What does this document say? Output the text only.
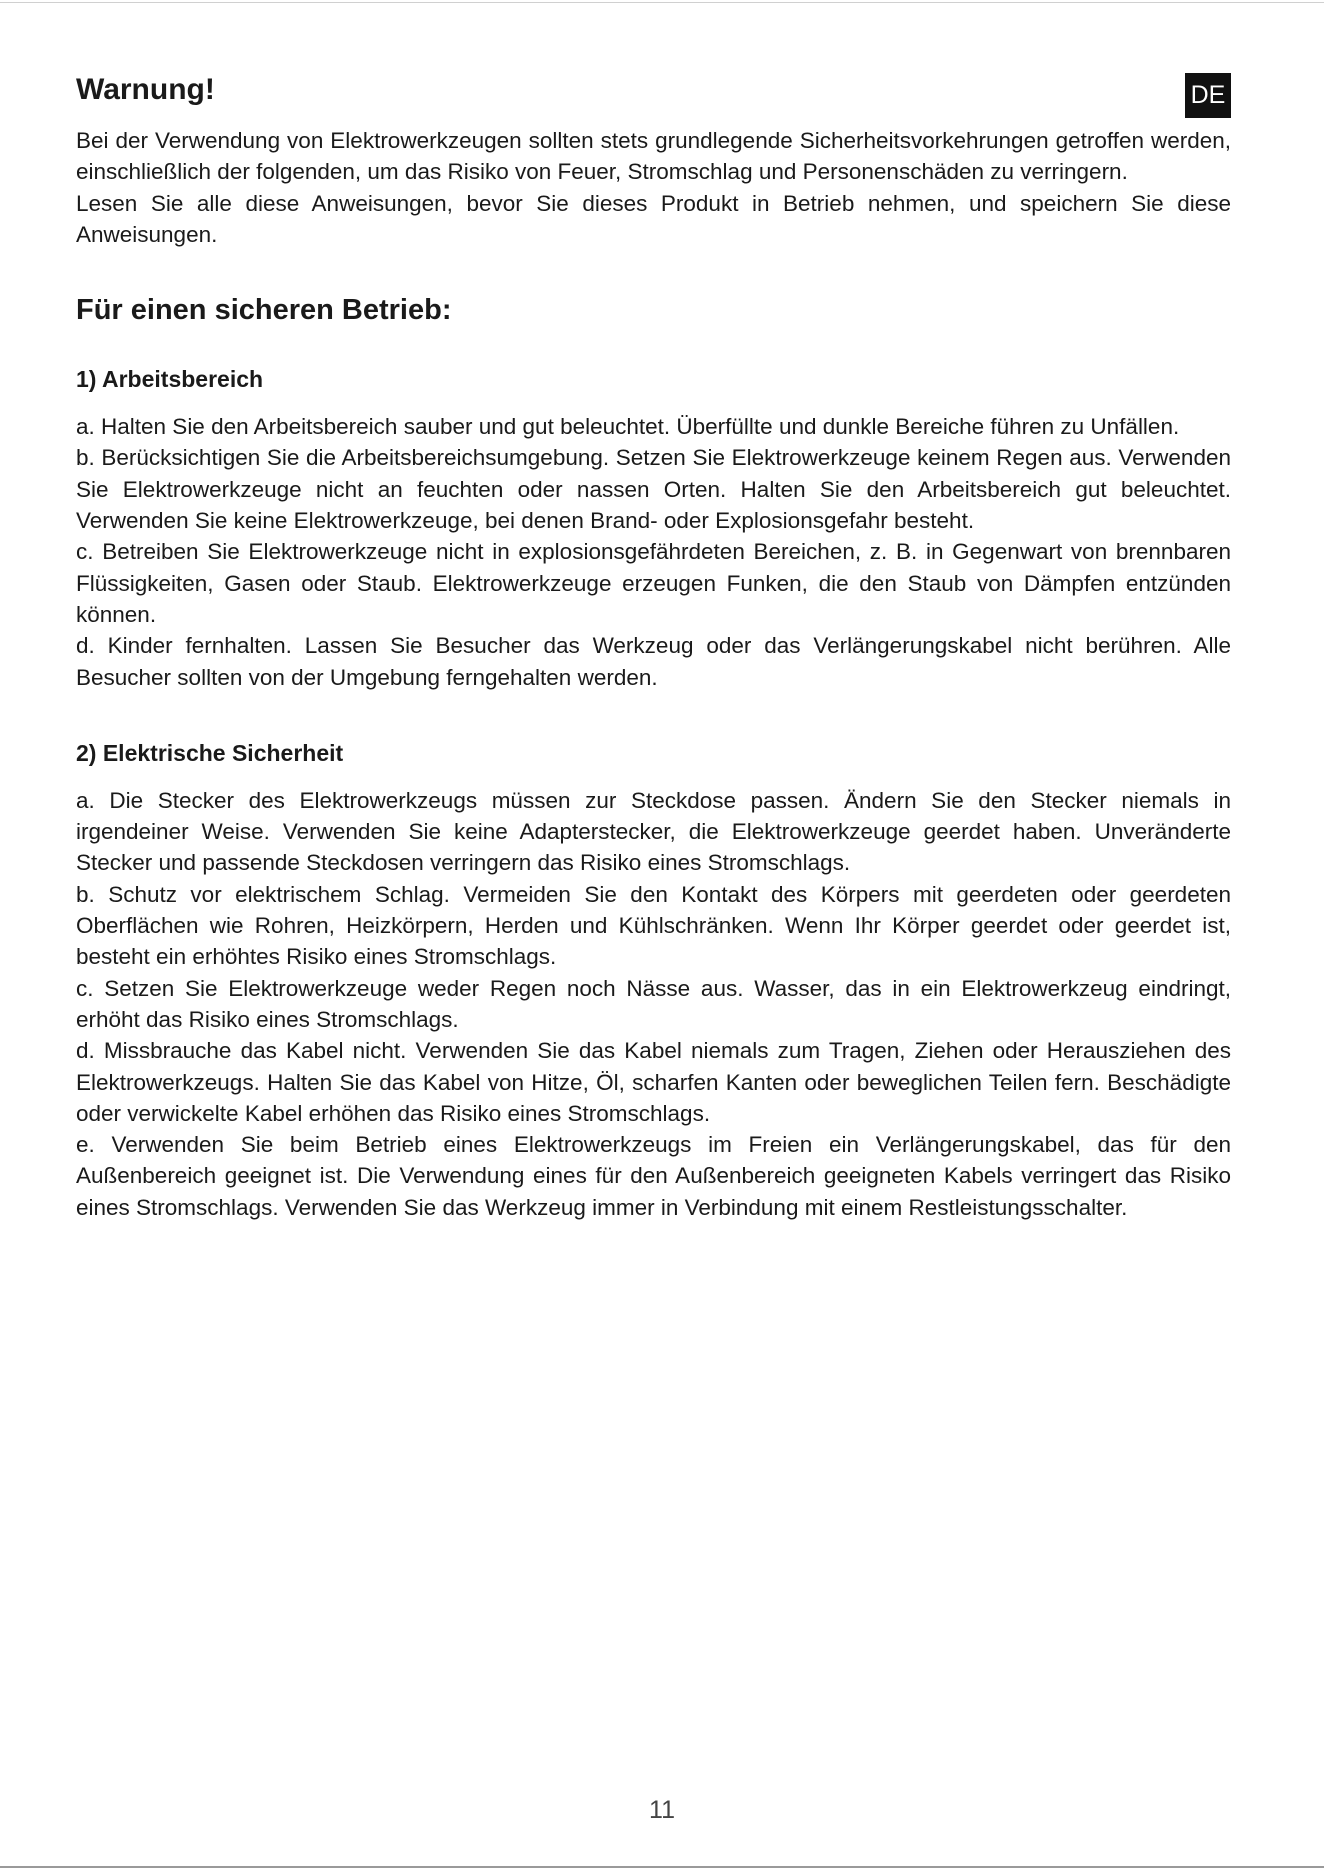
DE
Warnung!

Bei der Verwendung von Elektrowerkzeugen sollten stets grundlegende Sicherheitsvorkehrungen getroffen werden, einschließlich der folgenden, um das Risiko von Feuer, Stromschlag und Personenschäden zu verringern.

Lesen Sie alle diese Anweisungen, bevor Sie dieses Produkt in Betrieb nehmen, und speichern Sie diese Anweisungen.

Für einen sicheren Betrieb:
1) Arbeitsbereich

a. Halten Sie den Arbeitsbereich sauber und gut beleuchtet. Überfüllte und dunkle Bereiche führen zu Unfällen.

b. Berücksichtigen Sie die Arbeitsbereichsumgebung. Setzen Sie Elektrowerkzeuge keinem Regen aus. Verwenden Sie Elektrowerkzeuge nicht an feuchten oder nassen Orten. Halten Sie den Arbeitsbereich gut beleuchtet. Verwenden Sie keine Elektrowerkzeuge, bei denen Brand- oder Explosionsgefahr besteht.

c. Betreiben Sie Elektrowerkzeuge nicht in explosionsgefährdeten Bereichen, z. B. in Gegenwart von brennbaren Flüssigkeiten, Gasen oder Staub. Elektrowerkzeuge erzeugen Funken, die den Staub von Dämpfen entzünden können.

d. Kinder fernhalten. Lassen Sie Besucher das Werkzeug oder das Verlängerungskabel nicht berühren. Alle Besucher sollten von der Umgebung ferngehalten werden.

2) Elektrische Sicherheit

a. Die Stecker des Elektrowerkzeugs müssen zur Steckdose passen. Ändern Sie den Stecker niemals in irgendeiner Weise. Verwenden Sie keine Adapterstecker, die Elektrowerkzeuge geerdet haben. Unveränderte Stecker und passende Steckdosen verringern das Risiko eines Stromschlags.

b. Schutz vor elektrischem Schlag. Vermeiden Sie den Kontakt des Körpers mit geerdeten oder geerdeten Oberflächen wie Rohren, Heizkörpern, Herden und Kühlschränken. Wenn Ihr Körper geerdet oder geerdet ist, besteht ein erhöhtes Risiko eines Stromschlags.

c. Setzen Sie Elektrowerkzeuge weder Regen noch Nässe aus. Wasser, das in ein Elektrowerkzeug eindringt, erhöht das Risiko eines Stromschlags.

d. Missbrauche das Kabel nicht. Verwenden Sie das Kabel niemals zum Tragen, Ziehen oder Herausziehen des Elektrowerkzeugs. Halten Sie das Kabel von Hitze, Öl, scharfen Kanten oder beweglichen Teilen fern. Beschädigte oder verwickelte Kabel erhöhen das Risiko eines Stromschlags.

e. Verwenden Sie beim Betrieb eines Elektrowerkzeugs im Freien ein Verlängerungskabel, das für den Außenbereich geeignet ist. Die Verwendung eines für den Außenbereich geeigneten Kabels verringert das Risiko eines Stromschlags. Verwenden Sie das Werkzeug immer in Verbindung mit einem Restleistungsschalter.

11
